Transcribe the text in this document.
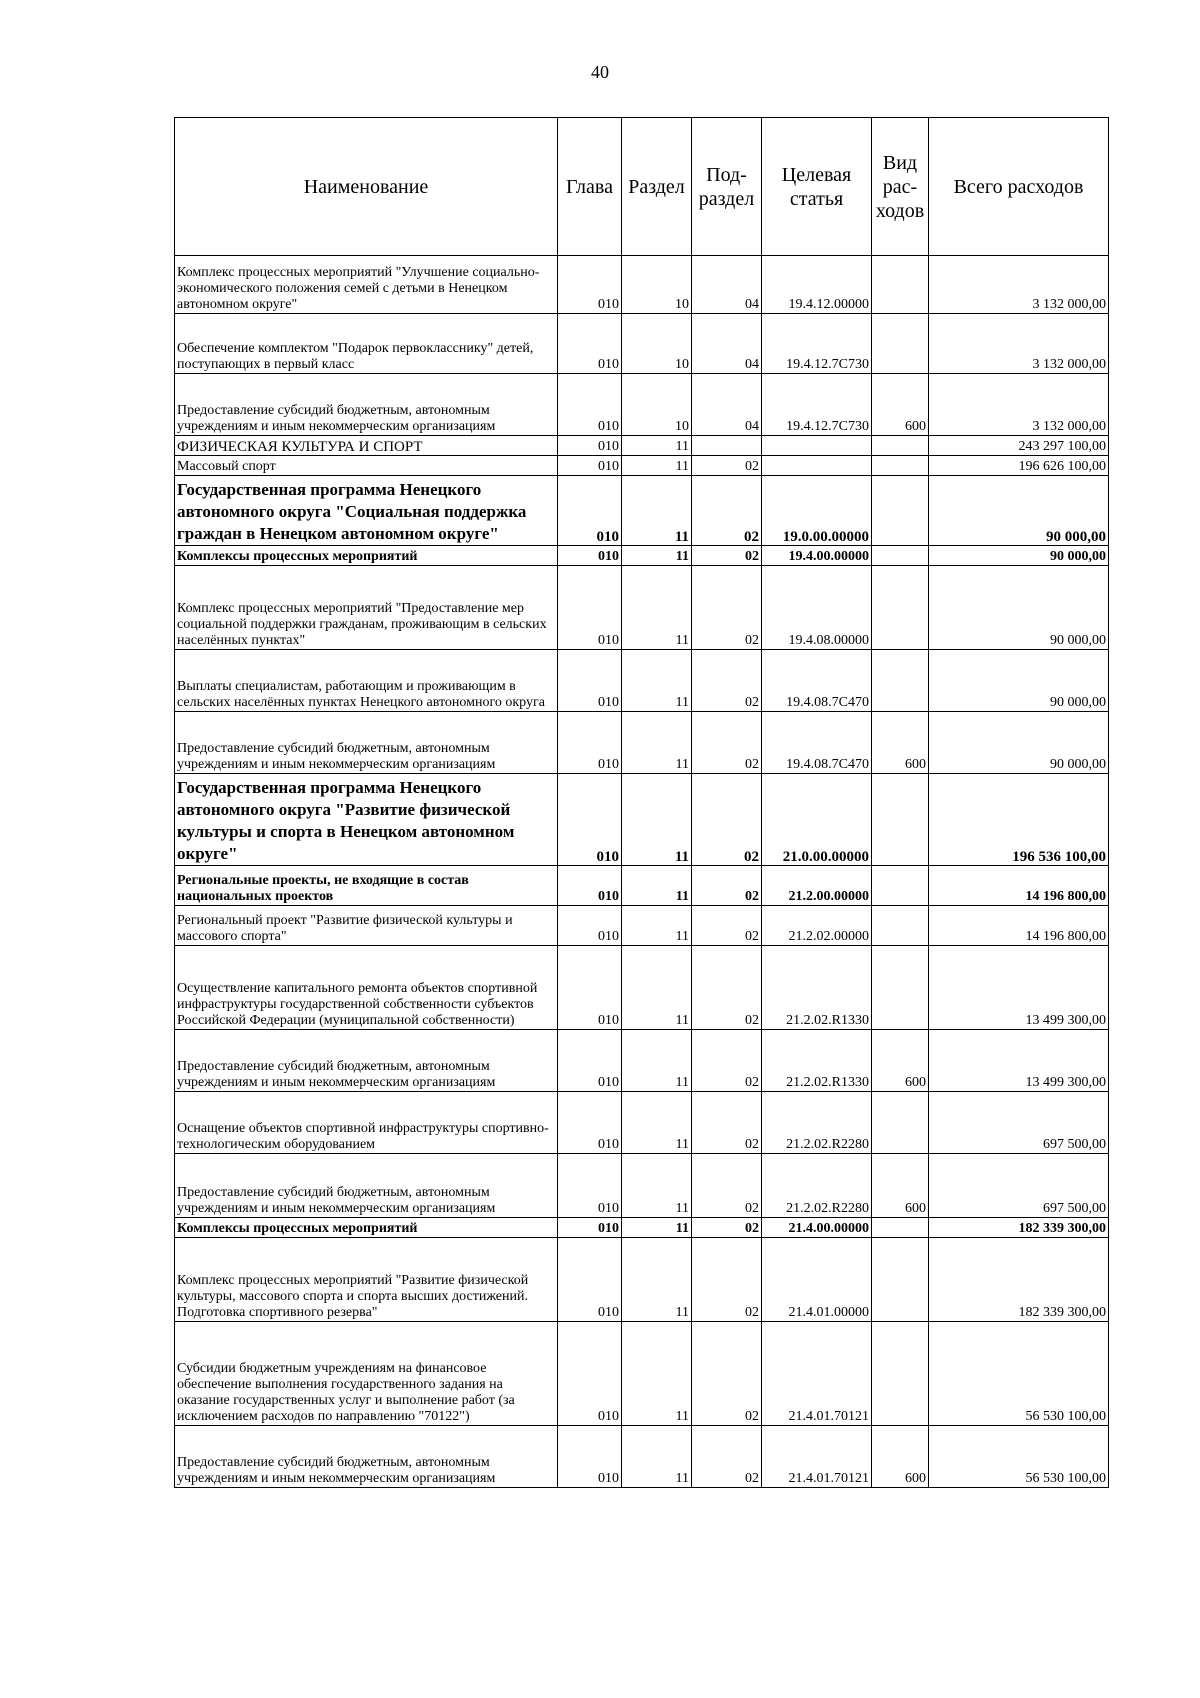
40
Наименование	Глава	Раздел	Под-раздел	Целевая статья	Вид рас-ходов	Всего расходов
Комплекс процессных мероприятий "Улучшение социально-экономического положения семей с детьми в Ненецком автономном округе"	010	10	04	19.4.12.00000		3 132 000,00
Обеспечение комплектом "Подарок первокласснику" детей, поступающих в первый класс	010	10	04	19.4.12.7С730		3 132 000,00
Предоставление субсидий бюджетным, автономным учреждениям и иным некоммерческим организациям	010	10	04	19.4.12.7С730	600	3 132 000,00
ФИЗИЧЕСКАЯ КУЛЬТУРА И СПОРТ	010	11				243 297 100,00
Массовый спорт	010	11	02			196 626 100,00
Государственная программа Ненецкого автономного округа "Социальная поддержка граждан в Ненецком автономном округе"	010	11	02	19.0.00.00000		90 000,00
Комплексы процессных мероприятий	010	11	02	19.4.00.00000		90 000,00
Комплекс процессных мероприятий "Предоставление мер социальной поддержки гражданам, проживающим в сельских населённых пунктах"	010	11	02	19.4.08.00000		90 000,00
Выплаты специалистам, работающим и проживающим в сельских населённых пунктах Ненецкого автономного округа	010	11	02	19.4.08.7С470		90 000,00
Предоставление субсидий бюджетным, автономным учреждениям и иным некоммерческим организациям	010	11	02	19.4.08.7С470	600	90 000,00
Государственная программа Ненецкого автономного округа "Развитие физической культуры и спорта в Ненецком автономном округе"	010	11	02	21.0.00.00000		196 536 100,00
Региональные проекты, не входящие в состав национальных проектов	010	11	02	21.2.00.00000		14 196 800,00
Региональный проект "Развитие физической культуры и массового спорта"	010	11	02	21.2.02.00000		14 196 800,00
Осуществление капитального ремонта объектов спортивной инфраструктуры государственной собственности субъектов Российской Федерации (муниципальной собственности)	010	11	02	21.2.02.R1330		13 499 300,00
Предоставление субсидий бюджетным, автономным учреждениям и иным некоммерческим организациям	010	11	02	21.2.02.R1330	600	13 499 300,00
Оснащение объектов спортивной инфраструктуры спортивно-технологическим оборудованием	010	11	02	21.2.02.R2280		697 500,00
Предоставление субсидий бюджетным, автономным учреждениям и иным некоммерческим организациям	010	11	02	21.2.02.R2280	600	697 500,00
Комплексы процессных мероприятий	010	11	02	21.4.00.00000		182 339 300,00
Комплекс процессных мероприятий "Развитие физической культуры, массового спорта и спорта высших достижений. Подготовка спортивного резерва"	010	11	02	21.4.01.00000		182 339 300,00
Субсидии бюджетным учреждениям на финансовое обеспечение выполнения государственного задания на оказание государственных услуг и выполнение работ (за исключением расходов по направлению "70122")	010	11	02	21.4.01.70121		56 530 100,00
Предоставление субсидий бюджетным, автономным учреждениям и иным некоммерческим организациям	010	11	02	21.4.01.70121	600	56 530 100,00
